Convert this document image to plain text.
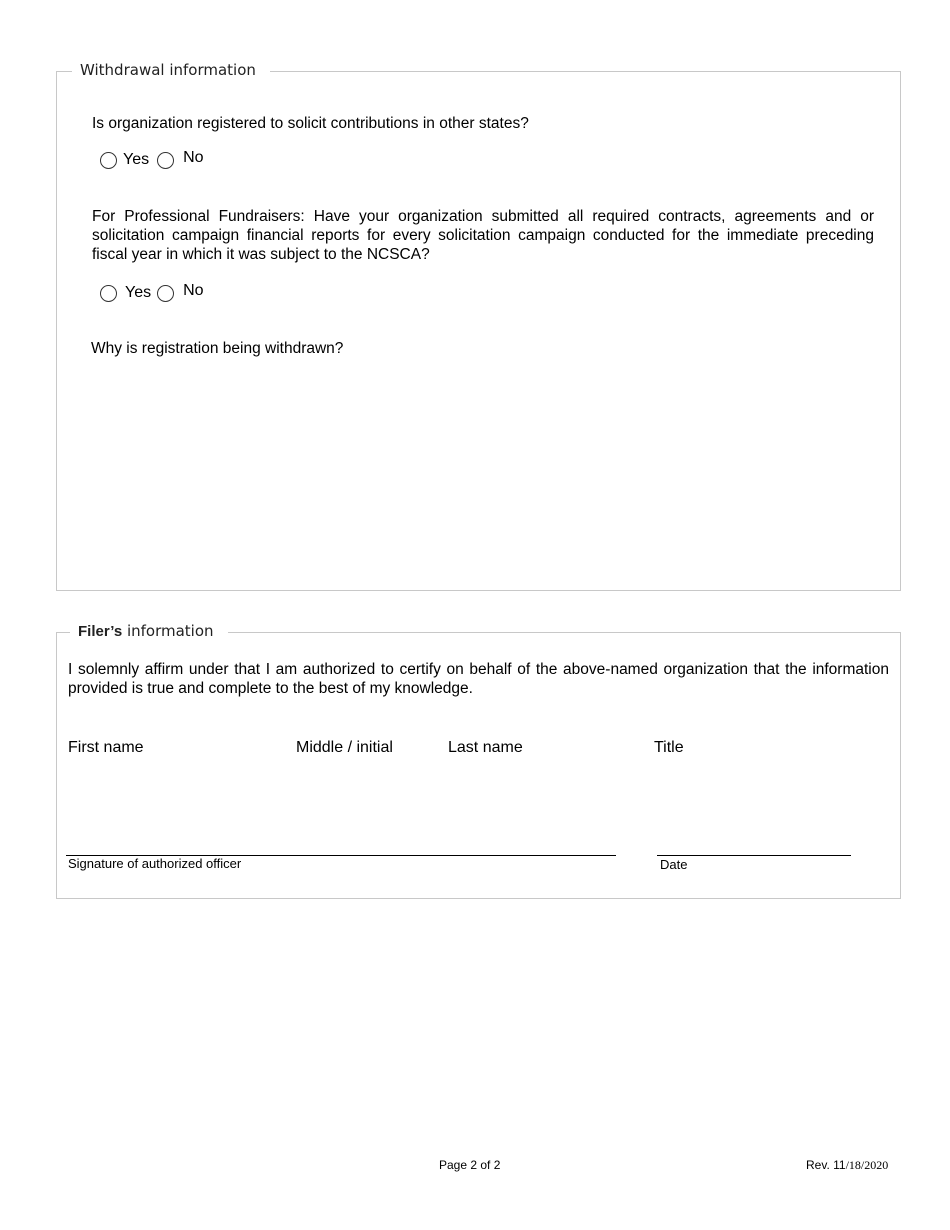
Withdrawal information
Is organization registered to solicit contributions in other states?
Yes No
For Professional Fundraisers: Have your organization submitted all required contracts, agreements and or solicitation campaign financial reports for every solicitation campaign conducted for the immediate preceding fiscal year in which it was subject to the NCSCA?
Yes No
Why is registration being withdrawn?
Filer’s information
I solemnly affirm under that I am authorized to certify on behalf of the above-named organization that the information provided is true and complete to the best of my knowledge.
First name	Middle / initial	Last name	Title
Signature of authorized officer	Date
Page 2 of 2	Rev. 11/18/2020
